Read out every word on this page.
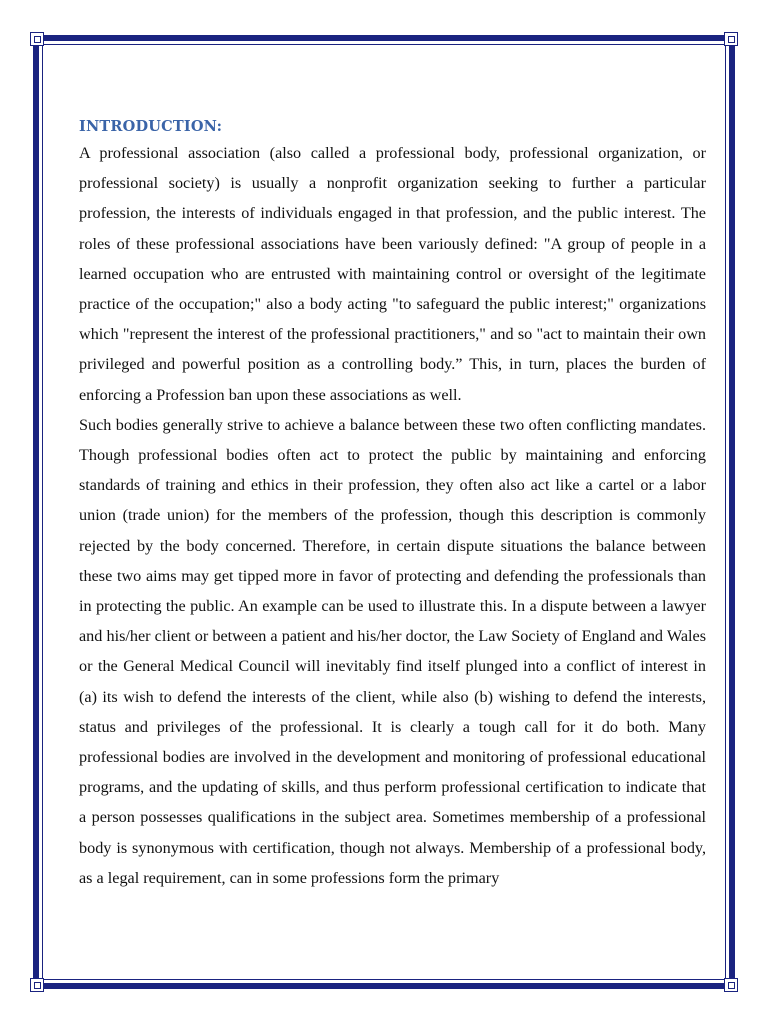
INTRODUCTION:

A professional association (also called a professional body, professional organization, or professional society) is usually a nonprofit organization seeking to further a particular profession, the interests of individuals engaged in that profession, and the public interest. The roles of these professional associations have been variously defined: "A group of people in a learned occupation who are entrusted with maintaining control or oversight of the legitimate practice of the occupation;" also a body acting "to safeguard the public interest;" organizations which "represent the interest of the professional practitioners," and so "act to maintain their own privileged and powerful position as a controlling body.” This, in turn, places the burden of enforcing a Profession ban upon these associations as well.

Such bodies generally strive to achieve a balance between these two often conflicting mandates. Though professional bodies often act to protect the public by maintaining and enforcing standards of training and ethics in their profession, they often also act like a cartel or a labor union (trade union) for the members of the profession, though this description is commonly rejected by the body concerned. Therefore, in certain dispute situations the balance between these two aims may get tipped more in favor of protecting and defending the professionals than in protecting the public. An example can be used to illustrate this. In a dispute between a lawyer and his/her client or between a patient and his/her doctor, the Law Society of England and Wales or the General Medical Council will inevitably find itself plunged into a conflict of interest in (a) its wish to defend the interests of the client, while also (b) wishing to defend the interests, status and privileges of the professional. It is clearly a tough call for it do both. Many professional bodies are involved in the development and monitoring of professional educational programs, and the updating of skills, and thus perform professional certification to indicate that a person possesses qualifications in the subject area. Sometimes membership of a professional body is synonymous with certification, though not always. Membership of a professional body, as a legal requirement, can in some professions form the primary
